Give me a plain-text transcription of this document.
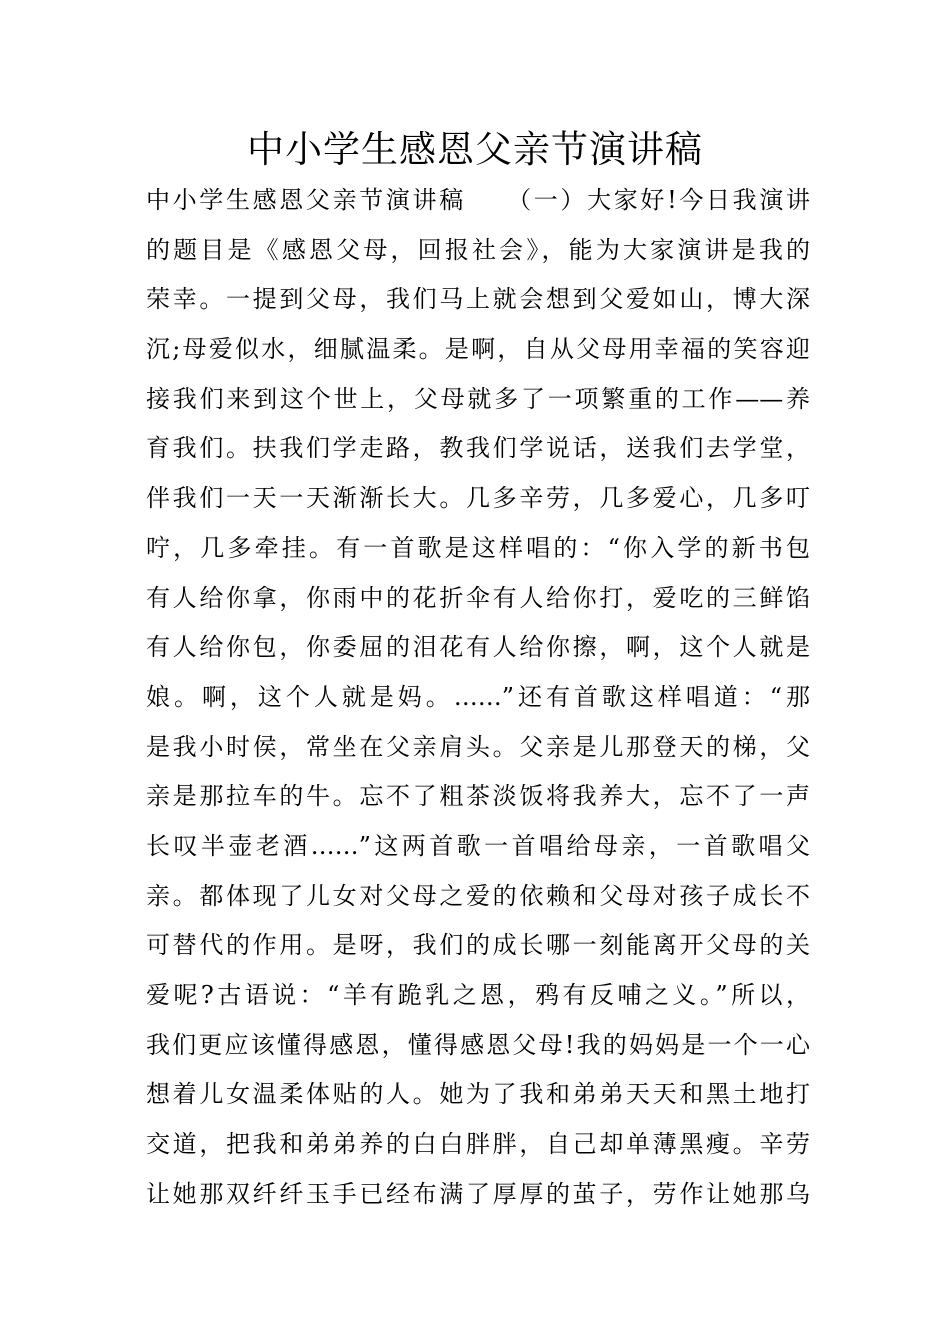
中小学生感恩父亲节演讲稿
中小学生感恩父亲节演讲稿　　（一）大家好!今日我演讲
的题目是《感恩父母，回报社会》，能为大家演讲是我的
荣幸。一提到父母，我们马上就会想到父爱如山，博大深
沉;母爱似水，细腻温柔。是啊，自从父母用幸福的笑容迎
接我们来到这个世上，父母就多了一项繁重的工作——养
育我们。扶我们学走路，教我们学说话，送我们去学堂，
伴我们一天一天渐渐长大。几多辛劳，几多爱心，几多叮
咛，几多牵挂。有一首歌是这样唱的：“你入学的新书包
有人给你拿，你雨中的花折伞有人给你打，爱吃的三鲜馅
有人给你包，你委屈的泪花有人给你擦，啊，这个人就是
娘。啊，这个人就是妈。……”还有首歌这样唱道：“那
是我小时侯，常坐在父亲肩头。父亲是儿那登天的梯，父
亲是那拉车的牛。忘不了粗茶淡饭将我养大，忘不了一声
长叹半壶老酒……”这两首歌一首唱给母亲，一首歌唱父
亲。都体现了儿女对父母之爱的依赖和父母对孩子成长不
可替代的作用。是呀，我们的成长哪一刻能离开父母的关
爱呢?古语说：“羊有跪乳之恩，鸦有反哺之义。”所以，
我们更应该懂得感恩，懂得感恩父母!我的妈妈是一个一心
想着儿女温柔体贴的人。她为了我和弟弟天天和黑土地打
交道，把我和弟弟养的白白胖胖，自己却单薄黑瘦。辛劳
让她那双纤纤玉手已经布满了厚厚的茧子，劳作让她那乌
